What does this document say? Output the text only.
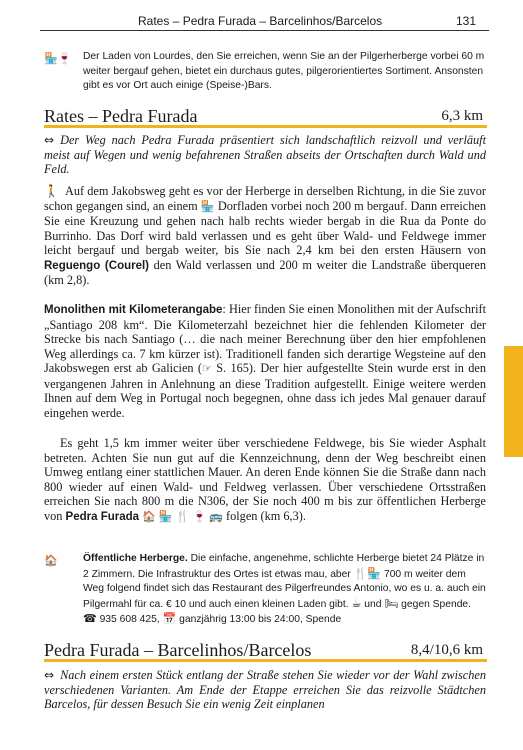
Rates – Pedra Furada – Barcelinhos/Barcelos	131
🏪🍷 Der Laden von Lourdes, den Sie erreichen, wenn Sie an der Pilgerherberge vorbei 60 m weiter bergauf gehen, bietet ein durchaus gutes, pilgerorientiertes Sortiment. Ansonsten gibt es vor Ort auch einige (Speise-)Bars.
Rates – Pedra Furada	6,3 km
⇔ Der Weg nach Pedra Furada präsentiert sich landschaftlich reizvoll und verläuft meist auf Wegen und wenig befahrenen Straßen abseits der Ortschaften durch Wald und Feld.
🚶 Auf dem Jakobsweg geht es vor der Herberge in derselben Richtung, in die Sie zuvor schon gegangen sind, an einem 🏪 Dorfladen vorbei noch 200 m bergauf. Dann erreichen Sie eine Kreuzung und gehen nach halb rechts wieder bergab in die Rua da Ponte do Burrinho. Das Dorf wird bald verlassen und es geht über Wald- und Feldwege immer leicht bergauf und bergab weiter, bis Sie nach 2,4 km bei den ersten Häusern von Reguengo (Courel) den Wald verlassen und 200 m weiter die Landstraße überqueren (km 2,8).
Monolithen mit Kilometerangabe: Hier finden Sie einen Monolithen mit der Aufschrift „Santiago 208 km“. Die Kilometerzahl bezeichnet hier die fehlenden Kilometer der Strecke bis nach Santiago (… die nach meiner Berechnung über den hier empfohlenen Weg allerdings ca. 7 km kürzer ist). Traditionell fanden sich derartige Wegsteine auf den Jakobswegen erst ab Galicien (☞ S. 165). Der hier aufgestellte Stein wurde erst in den vergangenen Jahren in Anlehnung an diese Tradition aufgestellt. Einige weitere werden Ihnen auf dem Weg in Portugal noch begegnen, ohne dass ich jedes Mal genauer darauf eingehen werde.
Es geht 1,5 km immer weiter über verschiedene Feldwege, bis Sie wieder Asphalt betreten. Achten Sie nun gut auf die Kennzeichnung, denn der Weg beschreibt einen Umweg entlang einer stattlichen Mauer. An deren Ende können Sie die Straße dann nach 800 wieder auf einen Wald- und Feldweg verlassen. Über verschiedene Ortsstraßen erreichen Sie nach 800 m die N306, der Sie noch 400 m bis zur öffentlichen Herberge von Pedra Furada 🏠 🏪 🍴 🍷 🚌 folgen (km 6,3).
🏠 Öffentliche Herberge. Die einfache, angenehme, schlichte Herberge bietet 24 Plätze in 2 Zimmern. Die Infrastruktur des Ortes ist etwas mau, aber 🍴🏪 700 m weiter dem Weg folgend findet sich das Restaurant des Pilgerfreundes Antonio, wo es u. a. auch ein Pilgermahl für ca. € 10 und auch einen kleinen Laden gibt. ☕ und 🛏 gegen Spende. ☎ 935 608 425, 📅 ganzjährig 13:00 bis 24:00, Spende
Pedra Furada – Barcelinhos/Barcelos	8,4/10,6 km
⇔ Nach einem ersten Stück entlang der Straße stehen Sie wieder vor der Wahl zwischen verschiedenen Varianten. Am Ende der Etappe erreichen Sie das reizvolle Städtchen Barcelos, für dessen Besuch Sie ein wenig Zeit einplanen
